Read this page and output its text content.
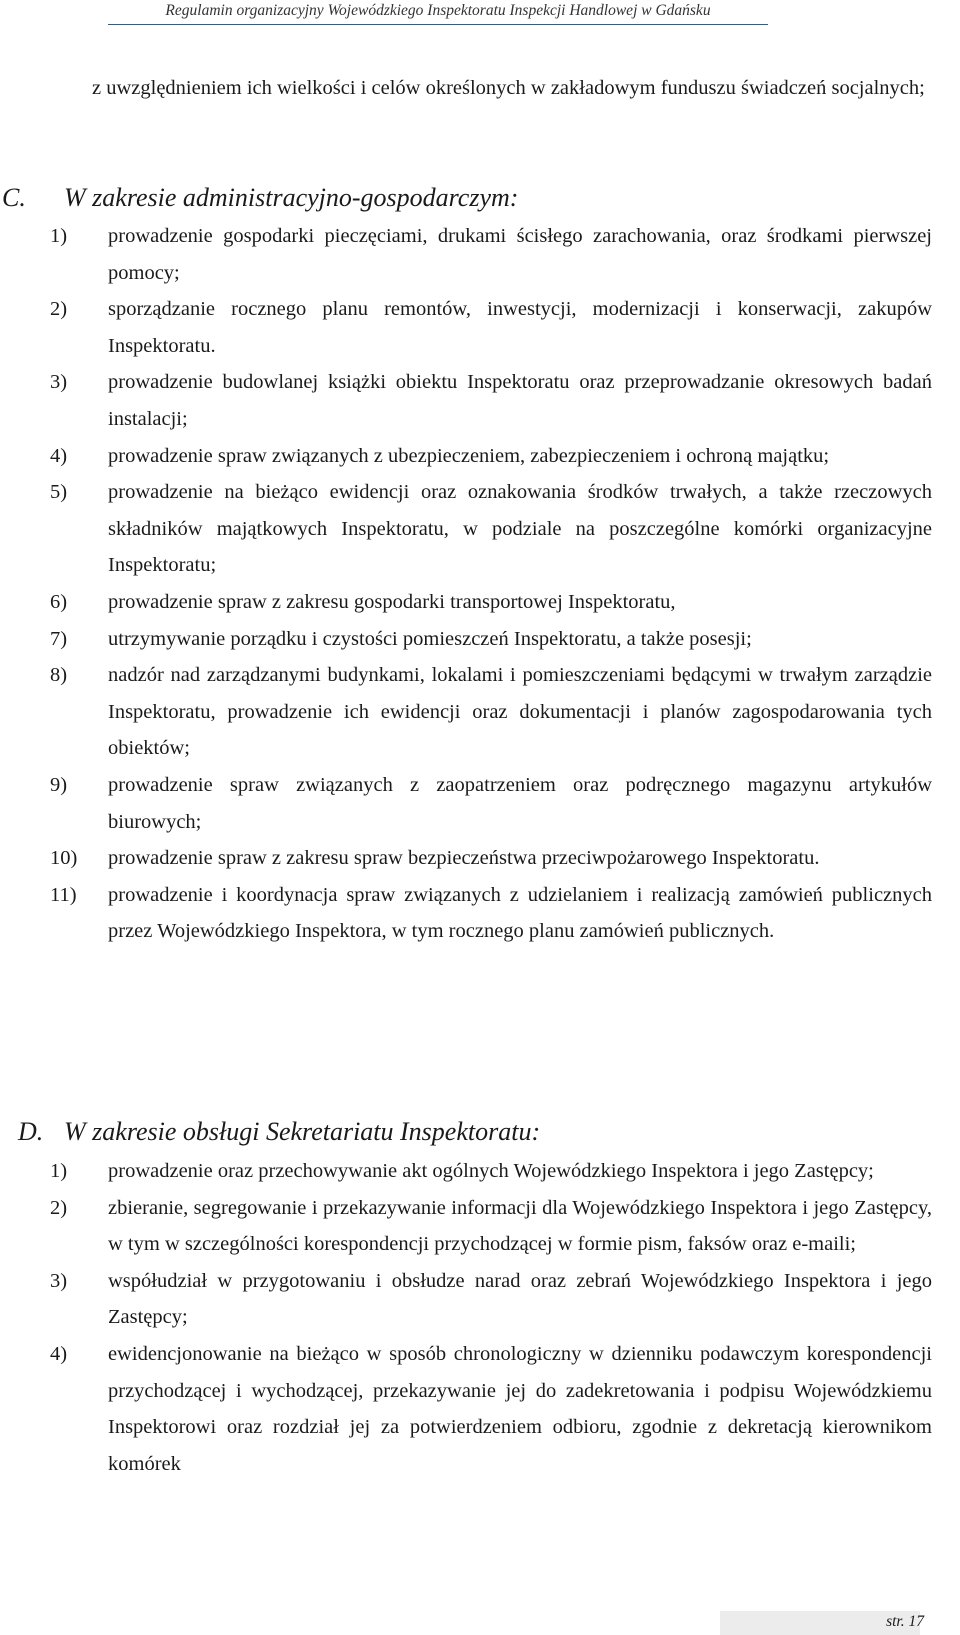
Regulamin organizacyjny Wojewódzkiego Inspektoratu Inspekcji Handlowej w Gdańsku
z uwzględnieniem ich wielkości i celów określonych w zakładowym funduszu świadczeń socjalnych;
C. W zakresie administracyjno-gospodarczym:
1) prowadzenie gospodarki pieczęciami, drukami ścisłego zarachowania, oraz środkami pierwszej pomocy;
2) sporządzanie rocznego planu remontów, inwestycji, modernizacji i konserwacji, zakupów Inspektoratu.
3) prowadzenie budowlanej książki obiektu Inspektoratu oraz przeprowadzanie okresowych badań instalacji;
4) prowadzenie spraw związanych z ubezpieczeniem, zabezpieczeniem i ochroną majątku;
5) prowadzenie na bieżąco ewidencji oraz oznakowania środków trwałych, a także rzeczowych składników majątkowych Inspektoratu, w podziale na poszczególne komórki organizacyjne Inspektoratu;
6) prowadzenie spraw z zakresu gospodarki transportowej Inspektoratu,
7) utrzymywanie porządku i czystości pomieszczeń Inspektoratu, a także posesji;
8) nadzór nad zarządzanymi budynkami, lokalami i pomieszczeniami będącymi w trwałym zarządzie Inspektoratu, prowadzenie ich ewidencji oraz dokumentacji i planów zagospodarowania tych obiektów;
9) prowadzenie spraw związanych z zaopatrzeniem oraz podręcznego magazynu artykułów biurowych;
10) prowadzenie spraw z zakresu spraw bezpieczeństwa przeciwpożarowego Inspektoratu.
11) prowadzenie i koordynacja spraw związanych z udzielaniem i realizacją zamówień publicznych przez Wojewódzkiego Inspektora, w tym rocznego planu zamówień publicznych.
D. W zakresie obsługi Sekretariatu Inspektoratu:
1) prowadzenie oraz przechowywanie akt ogólnych Wojewódzkiego Inspektora i jego Zastępcy;
2) zbieranie, segregowanie i przekazywanie informacji dla Wojewódzkiego Inspektora i jego Zastępcy, w tym w szczególności korespondencji przychodzącej w formie pism, faksów oraz e-maili;
3) współudział w przygotowaniu i obsłudze narad oraz zebrań Wojewódzkiego Inspektora i jego Zastępcy;
4) ewidencjonowanie na bieżąco w sposób chronologiczny w dzienniku podawczym korespondencji przychodzącej i wychodzącej, przekazywanie jej do zadekretowania i podpisu Wojewódzkiemu Inspektorowi oraz rozdział jej za potwierdzeniem odbioru, zgodnie z dekretacją kierownikom komórek
str. 17
